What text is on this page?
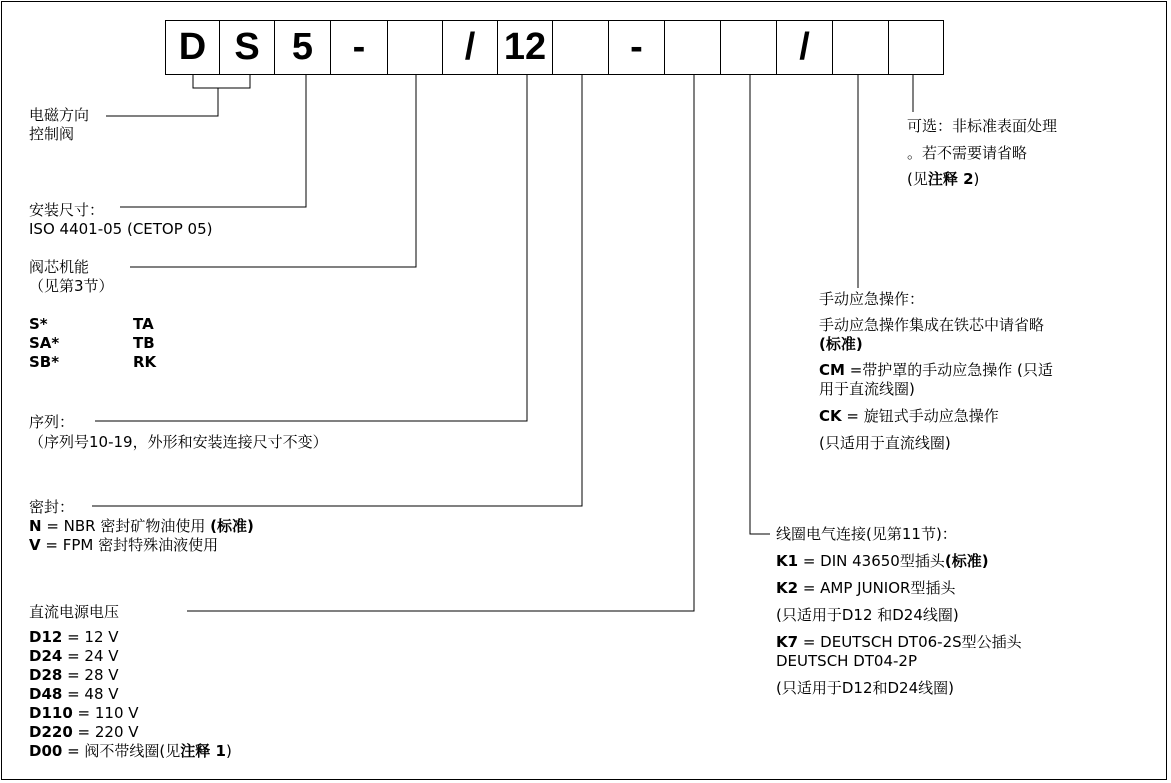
D S 5	-	/ 12	-	/
电磁方向
控制阀
安装尺寸：
ISO 4401-05 (CETOP 05)
阀芯机能
（见第3节）
S*	TA
SA*	TB
SB*	RK
序列：
（序列号10-19，外形和安装连接尺寸不变）
密封：
N = NBR 密封矿物油使用 (标准)
V = FPM 密封特殊油液使用
直流电源电压
D12 = 12 V
D24 = 24 V
D28 = 28 V
D48 = 48 V
D110 = 110 V
D220 = 220 V
D00 = 阀不带线圈(见注释 1)
可选：非标准表面处理
。若不需要请省略
(见注释 2)
手动应急操作：
手动应急操作集成在铁芯中请省略
(标准)
CM =带护罩的手动应急操作 (只适
用于直流线圈)
CK = 旋钮式手动应急操作
(只适用于直流线圈)
线圈电气连接(见第11节)：
K1 = DIN 43650型插头(标准)
K2 = AMP JUNIOR型插头
(只适用于D12 和D24线圈)
K7 = DEUTSCH DT06-2S型公插头
DEUTSCH DT04-2P
(只适用于D12和D24线圈)
